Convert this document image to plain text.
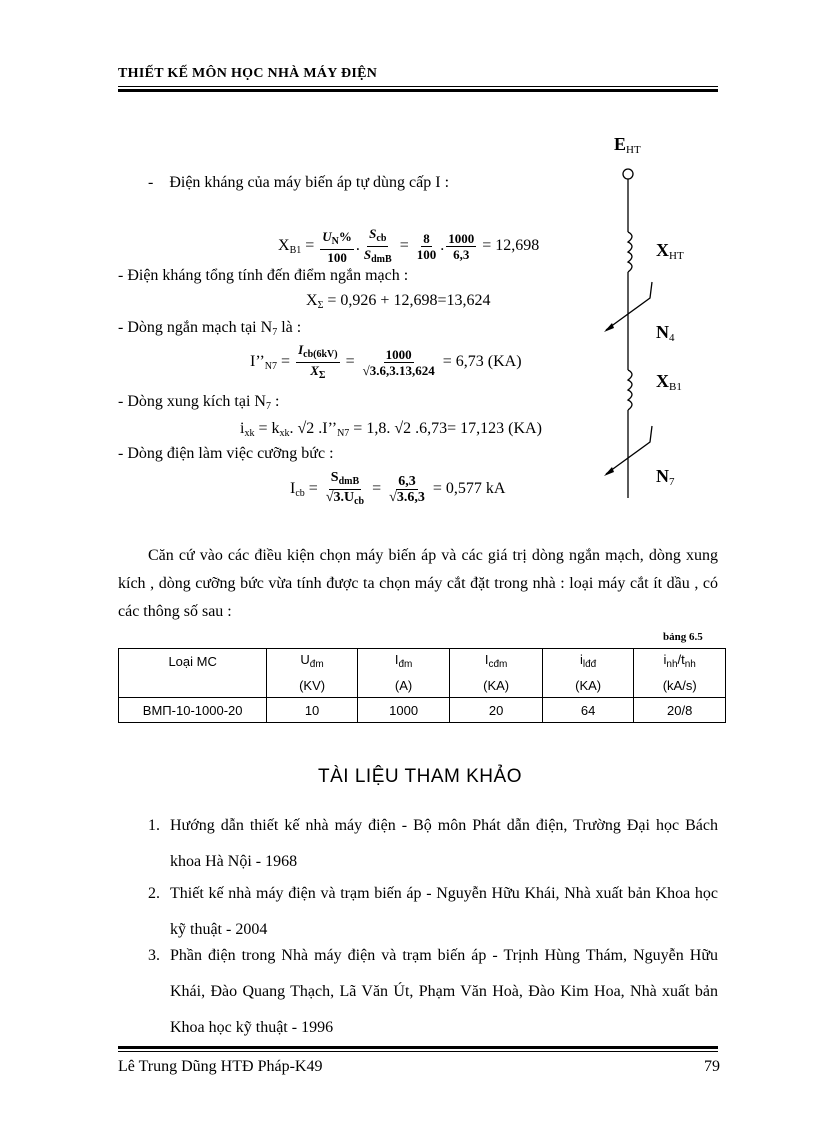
THIẾT KẾ MÔN HỌC NHÀ MÁY ĐIỆN
- Điện kháng của máy biến áp tự dùng cấp I :
$X_{B1} = \frac{U_N\%}{100}$ . $\frac{S_{cb}}{S_{dmB}} = \frac{8}{100}$ . $\frac{1000}{6,3} = 12,698$
- Điện kháng tổng tính đến điểm ngắn mạch :
$X_\Sigma = 0,926 + 12,698=13,624$
- Dòng ngắn mạch tại $N_7$ là :
$I’’_{N7} = \frac{I_{cb(6kV)}}{X_\Sigma} = \frac{1000}{√3.6,3.13,624} = 6,73$ (KA)
- Dòng xung kích tại $N_7$ :
$i_{xk} = k_{xk}$. √2 $.I’’_{N7} = 1,8$. √2 .6,73= 17,123 (KA)
- Dòng điện làm việc cưỡng bức :
$I_{cb} = \frac{S_{dmB}}{√3.U_{cb}} = \frac{6,3}{√3.6,3} = 0,577$ kA
$E_{HT}$
$X_{HT}$
$N_4$
$X_{B1}$
$N_7$
Căn cứ vào các điều kiện chọn máy biến áp và các giá trị dòng ngắn mạch, dòng xung kích , dòng cưỡng bức vừa tính được ta chọn máy cắt đặt trong nhà : loại máy cắt ít dầu , có các thông số sau :
bảng 6.5
Loại MC	$U_{đm}$	$I_{đm}$	$I_{cđm}$	$i_{lđđ}$	$i_{nh}/t_{nh}$
	(KV)	(A)	(KA)	(KA)	(kA/s)
BMΠ-10-1000-20	10	1000	20	64	20/8
TÀI LIỆU THAM KHẢO
1. Hướng dẫn thiết kế nhà máy điện - Bộ môn Phát dẫn điện, Trường Đại học Bách khoa Hà Nội - 1968
2. Thiết kế nhà máy điện và trạm biến áp - Nguyễn Hữu Khái, Nhà xuất bản Khoa học kỹ thuật - 2004
3. Phần điện trong Nhà máy điện và trạm biến áp - Trịnh Hùng Thám, Nguyễn Hữu Khái, Đào Quang Thạch, Lã Văn Út, Phạm Văn Hoà, Đào Kim Hoa, Nhà xuất bản Khoa học kỹ thuật - 1996
Lê Trung Dũng HTĐ Pháp-K49	79
